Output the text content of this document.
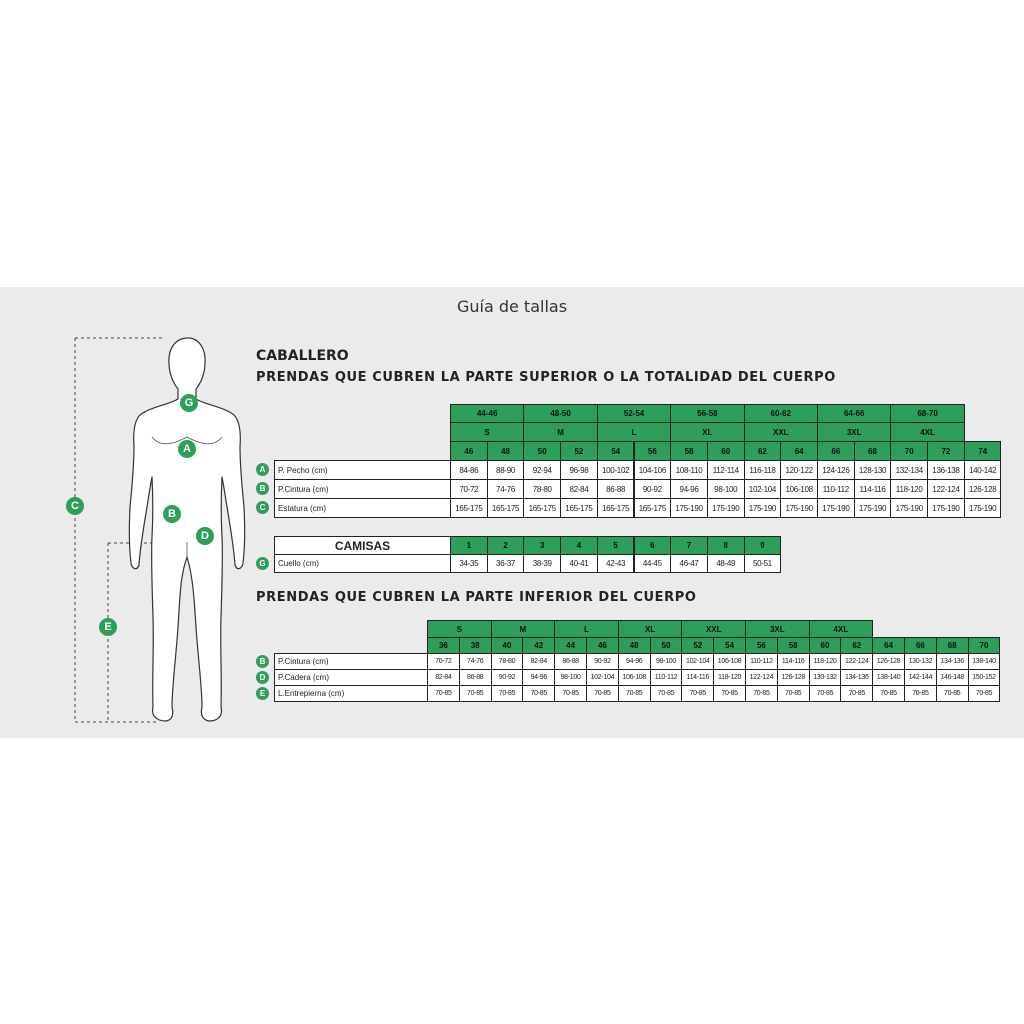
Guía de tallas
G
A
C
B
D
E
CABALLERO
PRENDAS QUE CUBREN LA PARTE SUPERIOR O LA TOTALIDAD DEL CUERPO
PRENDAS QUE CUBREN LA PARTE INFERIOR DEL CUERPO
44-46	48-50	52-54	56-58	60-62	64-66	68-70
S	M	L	XL	XXL	3XL	4XL
46	48	50	52	54	56	58	60	62	64	66	68	70	72	74
A	P. Pecho (cm)	84-86	88-90	92-94	96-98	100-102	104-106	108-110	112-114	116-118	120-122	124-126	128-130	132-134	136-138	140-142
B	P.Cintura (cm)	70-72	74-76	78-80	82-84	86-88	90-92	94-96	98-100	102-104	106-108	110-112	114-116	118-120	122-124	126-128
C	Estatura (cm)	165-175	165-175	165-175	165-175	165-175	165-175	175-190	175-190	175-190	175-190	175-190	175-190	175-190	175-190	175-190
CAMISAS	1	2	3	4	5	6	7	8	9
G	Cuello (cm)	34-35	36-37	38-39	40-41	42-43	44-45	46-47	48-49	50-51
S	M	L	XL	XXL	3XL	4XL
36	38	40	42	44	46	48	50	52	54	56	58	60	62	64	66	68	70
B	P.Cintura (cm)	70-72	74-76	78-80	82-84	86-88	90-92	94-96	98-100	102-104	106-108	110-112	114-116	118-120	122-124	126-128	130-132	134-136	138-140
D	P.Cadera (cm)	82-84	86-88	90-92	94-96	98-100	102-104	106-108	110-112	114-116	118-120	122-124	126-128	130-132	134-136	138-140	142-144	146-148	150-152
E	L.Entrepierna (cm)	70-85	70-85	70-85	70-85	70-85	70-85	70-85	70-85	70-85	70-85	70-85	70-85	70-85	70-85	70-85	70-85	70-85	70-85
